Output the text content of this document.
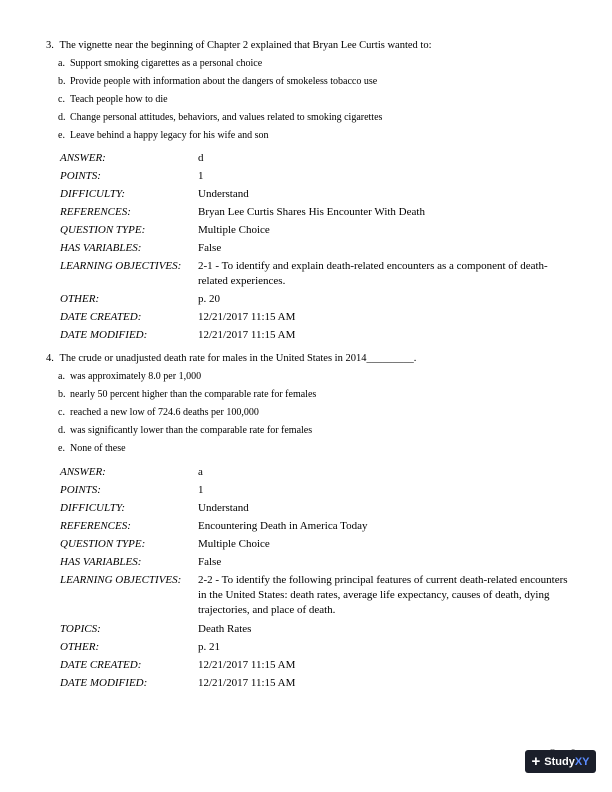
3. The vignette near the beginning of Chapter 2 explained that Bryan Lee Curtis wanted to:
a. Support smoking cigarettes as a personal choice
b. Provide people with information about the dangers of smokeless tobacco use
c. Teach people how to die
d. Change personal attitudes, behaviors, and values related to smoking cigarettes
e. Leave behind a happy legacy for his wife and son
ANSWER:	d
POINTS:	1
DIFFICULTY:	Understand
REFERENCES:	Bryan Lee Curtis Shares His Encounter With Death
QUESTION TYPE:	Multiple Choice
HAS VARIABLES:	False
LEARNING OBJECTIVES: 2-1 - To identify and explain death-related encounters as a component of death-related experiences.
OTHER:	p. 20
DATE CREATED:	12/21/2017 11:15 AM
DATE MODIFIED:	12/21/2017 11:15 AM
4. The crude or unadjusted death rate for males in the United States in 2014_________.
a. was approximately 8.0 per 1,000
b. nearly 50 percent higher than the comparable rate for females
c. reached a new low of 724.6 deaths per 100,000
d. was significantly lower than the comparable rate for females
e. None of these
ANSWER:	a
POINTS:	1
DIFFICULTY:	Understand
REFERENCES:	Encountering Death in America Today
QUESTION TYPE:	Multiple Choice
HAS VARIABLES:	False
LEARNING OBJECTIVES: 2-2 - To identify the following principal features of current death-related encounters in the United States: death rates, average life expectancy, causes of death, dying trajectories, and place of death.
TOPICS:	Death Rates
OTHER:	p. 21
DATE CREATED:	12/21/2017 11:15 AM
DATE MODIFIED:	12/21/2017 11:15 AM
+ StudyXY
